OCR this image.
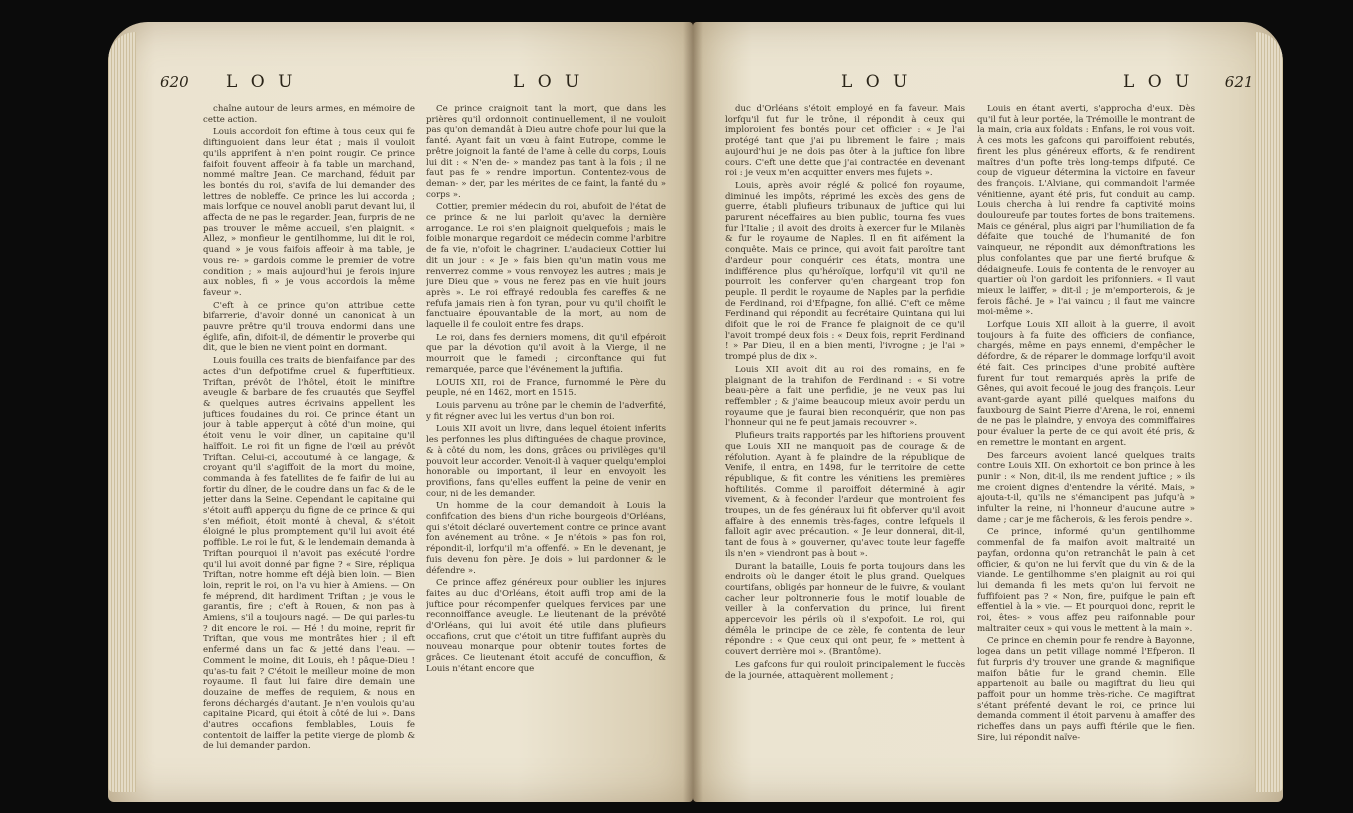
620 L O U	L O U

chaîne autour de leurs armes, en mémoire de cette action.

Louis accordoit fon eftime à tous ceux qui fe diftinguoient dans leur état ; mais il vouloit qu'ils apprifent à n'en point rougir. Ce prince faifoit fouvent affeoir à fa table un marchand, nommé maître Jean. Ce marchand, féduit par les bontés du roi, s'avifa de lui demander des lettres de nobleffe. Ce prince les lui accorda ; mais lorfque ce nouvel anobli parut devant lui, il affecta de ne pas le regarder. Jean, furpris de ne pas trouver le même accueil, s'en plaignit. « Allez, » monfieur le gentilhomme, lui dit le roi, quand » je vous faifois affeoir à ma table, je vous re- » gardois comme le premier de votre condition ; » mais aujourd'hui je ferois injure aux nobles, fi » je vous accordois la même faveur ».

C'eft à ce prince qu'on attribue cette bifarrerie, d'avoir donné un canonicat à un pauvre prêtre qu'il trouva endormi dans une églife, afin, difoit-il, de démentir le proverbe qui dit, que le bien ne vient point en dormant.

Louis fouilla ces traits de bienfaifance par des actes d'un defpotifme cruel & fuperftitieux. Triftan, prévôt de l'hôtel, étoit le miniftre aveugle & barbare de fes cruautés que Seyffel & quelques autres écrivains appellent les juftices foudaines du roi. Ce prince étant un jour à table apperçut à côté d'un moine, qui étoit venu le voir dîner, un capitaine qu'il haïffoit. Le roi fit un figne de l'œil au prévôt Triftan. Celui-ci, accoutumé à ce langage, & croyant qu'il s'agiffoit de la mort du moine, commanda à fes fatellites de fe faifir de lui au fortir du dîner, de le coudre dans un fac & de le jetter dans la Seine. Cependant le capitaine qui s'étoit auffi apperçu du figne de ce prince & qui s'en méfioit, étoit monté à cheval, & s'étoit éloigné le plus promptement qu'il lui avoit été poffible. Le roi le fut, & le lendemain demanda à Triftan pourquoi il n'avoit pas exécuté l'ordre qu'il lui avoit donné par figne ? « Sire, répliqua Triftan, notre homme eft déjà bien loin. — Bien loin, reprit le roi, on l'a vu hier à Amiens. — On fe méprend, dit hardiment Triftan ; je vous le garantis, fire ; c'eft à Rouen, & non pas à Amiens, s'il a toujours nagé. — De qui parles-tu ? dit encore le roi. — Hé ! du moine, reprit fir Triftan, que vous me montrâtes hier ; il eft enfermé dans un fac & jetté dans l'eau. — Comment le moine, dit Louis, eh ! pâque-Dieu ! qu'as-tu fait ? C'étoit le meilleur moine de mon royaume. Il faut lui faire dire demain une douzaine de meffes de requiem, & nous en ferons déchargés d'autant. Je n'en voulois qu'au capitaine Picard, qui étoit à côté de lui ». Dans d'autres occafions femblables, Louis fe contentoit de laiffer la petite vierge de plomb & de lui demander pardon.

Ce prince craignoit tant la mort, que dans les prières qu'il ordonnoit continuellement, il ne vouloit pas qu'on demandât à Dieu autre chofe pour lui que la fanté. Ayant fait un vœu à faint Eutrope, comme le prêtre joignoit la fanté de l'ame à celle du corps, Louis lui dit : « N'en de- » mandez pas tant à la fois ; il ne faut pas fe » rendre importun. Contentez-vous de deman- » der, par les mérites de ce faint, la fanté du » corps ».

Cottier, premier médecin du roi, abufoit de l'état de ce prince & ne lui parloit qu'avec la dernière arrogance. Le roi s'en plaignoit quelquefois ; mais le foible monarque regardoit ce médecin comme l'arbitre de fa vie, n'ofoit le chagriner. L'audacieux Cottier lui dit un jour : « Je » fais bien qu'un matin vous me renverrez comme » vous renvoyez les autres ; mais je jure Dieu que » vous ne ferez pas en vie huit jours après ». Le roi effrayé redoubla fes careffes & ne refufa jamais rien à fon tyran, pour vu qu'il choifît le fanctuaire épouvantable de la mort, au nom de laquelle il fe couloit entre fes draps.

Le roi, dans fes derniers momens, dit qu'il efpéroit que par la dévotion qu'il avoit à la Vierge, il ne mourroit que le famedi ; circonftance qui fut remarquée, parce que l'événement la juftifia.

LOUIS XII, roi de France, furnommé le Père du peuple, né en 1462, mort en 1515.

Louis parvenu au trône par le chemin de l'adverfité, y fit régner avec lui les vertus d'un bon roi.

Louis XII avoit un livre, dans lequel étoient inferits les perfonnes les plus diftinguées de chaque province, & à côté du nom, les dons, grâces ou privilèges qu'il pouvoit leur accorder. Venoit-il à vaquer quelqu'emploi honorable ou important, il leur en envoyoit les provifions, fans qu'elles euffent la peine de venir en cour, ni de les demander.

Un homme de la cour demandoit à Louis la confifcation des biens d'un riche bourgeois d'Orléans, qui s'étoit déclaré ouvertement contre ce prince avant fon avénement au trône. « Je n'étois » pas fon roi, répondit-il, lorfqu'il m'a offenfé. » En le devenant, je fuis devenu fon père. Je dois » lui pardonner & le défendre ».

Ce prince affez généreux pour oublier les injures faites au duc d'Orléans, étoit auffi trop ami de la juftice pour récompenfer quelques fervices par une reconnoiffance aveugle. Le lieutenant de la prévôté d'Orléans, qui lui avoit été utile dans plufieurs occafions, crut que c'étoit un titre fuffifant auprès du nouveau monarque pour obtenir toutes fortes de grâces. Ce lieutenant étoit accufé de concuffion, & Louis n'étant encore que

L O U	L O U 621

duc d'Orléans s'étoit employé en fa faveur. Mais lorfqu'il fut fur le trône, il répondit à ceux qui imploroient fes bontés pour cet officier : « Je l'ai protégé tant que j'ai pu librement le faire ; mais aujourd'hui je ne dois pas ôter à la juftice fon libre cours. C'eft une dette que j'ai contractée en devenant roi : je veux m'en acquitter envers mes fujets ».

Louis, après avoir réglé & policé fon royaume, diminué les impôts, réprimé les excès des gens de guerre, établi plufieurs tribunaux de juftice qui lui parurent néceffaires au bien public, tourna fes vues fur l'Italie ; il avoit des droits à exercer fur le Milanès & fur le royaume de Naples. Il en fit aifément la conquête. Mais ce prince, qui avoit fait paroître tant d'ardeur pour conquérir ces états, montra une indifférence plus qu'héroïque, lorfqu'il vit qu'il ne pourroit les conferver qu'en chargeant trop fon peuple. Il perdit le royaume de Naples par la perfidie de Ferdinand, roi d'Efpagne, fon allié. C'eft ce même Ferdinand qui répondit au fecrétaire Quintana qui lui difoit que le roi de France fe plaignoit de ce qu'il l'avoit trompé deux fois : « Deux fois, reprit Ferdinand ! » Par Dieu, il en a bien menti, l'ivrogne ; je l'ai » trompé plus de dix ».

Louis XII avoit dit au roi des romains, en fe plaignant de la trahifon de Ferdinand : « Si votre beau-père a fait une perfidie, je ne veux pas lui reffembler ; & j'aime beaucoup mieux avoir perdu un royaume que je faurai bien reconquérir, que non pas l'honneur qui ne fe peut jamais recouvrer ».

Plufieurs traits rapportés par les hiftoriens prouvent que Louis XII ne manquoit pas de courage & de réfolution. Ayant à fe plaindre de la république de Venife, il entra, en 1498, fur le territoire de cette république, & fit contre les vénitiens les premières hoftilités. Comme il paroiffoit déterminé à agir vivement, & à feconder l'ardeur que montroient fes troupes, un de fes généraux lui fit obferver qu'il avoit affaire à des ennemis très-fages, contre lefquels il falloit agir avec précaution. « Je leur donnerai, dit-il, tant de fous à » gouverner, qu'avec toute leur fageffe ils n'en » viendront pas à bout ».

Durant la bataille, Louis fe porta toujours dans les endroits où le danger étoit le plus grand. Quelques courtifans, obligés par honneur de le fuivre, & voulant cacher leur poltronnerie fous le motif louable de veiller à la confervation du prince, lui firent appercevoir les périls où il s'expofoit. Le roi, qui démêla le principe de ce zèle, fe contenta de leur répondre : « Que ceux qui ont peur, fe » mettent à couvert derrière moi ». (Brantôme).

Les gafcons fur qui rouloit principalement le fuccès de la journée, attaquèrent mollement ;

Louis en étant averti, s'approcha d'eux. Dès qu'il fut à leur portée, la Trémoille le montrant de la main, cria aux foldats : Enfans, le roi vous voit. À ces mots les gafcons qui paroiffoient rebutés, firent les plus généreux efforts, & fe rendirent maîtres d'un pofte très long-temps difputé. Ce coup de vigueur détermina la victoire en faveur des françois. L'Alviane, qui commandoit l'armée vénitienne, ayant été pris, fut conduit au camp. Louis chercha à lui rendre fa captivité moins douloureufe par toutes fortes de bons traitemens. Mais ce général, plus aigri par l'humiliation de fa défaite que touché de l'humanité de fon vainqueur, ne répondit aux démonftrations les plus confolantes que par une fierté brufque & dédaigneufe. Louis fe contenta de le renvoyer au quartier où l'on gardoit les prifonniers. « Il vaut mieux le laiffer, » dit-il ; je m'emporterois, & je ferois fâché. Je » l'ai vaincu ; il faut me vaincre moi-même ».

Lorfque Louis XII alloit à la guerre, il avoit toujours à fa fuite des officiers de confiance, chargés, même en pays ennemi, d'empêcher le défordre, & de réparer le dommage lorfqu'il avoit été fait. Ces principes d'une probité auftère furent fur tout remarqués après la prife de Gênes, qui avoit fecoué le joug des françois. Leur avant-garde ayant pillé quelques maifons du fauxbourg de Saint Pierre d'Arena, le roi, ennemi de ne pas le plaindre, y envoya des commiffaires pour évaluer la perte de ce qui avoit été pris, & en remettre le montant en argent.

Des farceurs avoient lancé quelques traits contre Louis XII. On exhortoit ce bon prince à les punir : « Non, dit-il, ils me rendent juftice ; » ils me croient dignes d'entendre la vérité. Mais, » ajouta-t-il, qu'ils ne s'émancipent pas jufqu'à » infulter la reine, ni l'honneur d'aucune autre » dame ; car je me fâcherois, & les ferois pendre ».

Ce prince, informé qu'un gentilhomme commenfal de fa maifon avoit maltraité un payfan, ordonna qu'on retranchât le pain à cet officier, & qu'on ne lui fervît que du vin & de la viande. Le gentilhomme s'en plaignit au roi qui lui demanda fi les mets qu'on lui fervoit ne fuffifoient pas ? « Non, fire, puifque le pain eft effentiel à la » vie. — Et pourquoi donc, reprit le roi, êtes- » vous affez peu raifonnable pour maltraiter ceux » qui vous le mettent à la main ».

Ce prince en chemin pour fe rendre à Bayonne, logea dans un petit village nommé l'Efperon. Il fut furpris d'y trouver une grande & magnifique maifon bâtie fur le grand chemin. Elle appartenoit au baile ou magiftrat du lieu qui paffoit pour un homme très-riche. Ce magiftrat s'étant préfenté devant le roi, ce prince lui demanda comment il étoit parvenu à amaffer des richeffes dans un pays auffi ftérile que le fien. Sire, lui répondit naïve-
